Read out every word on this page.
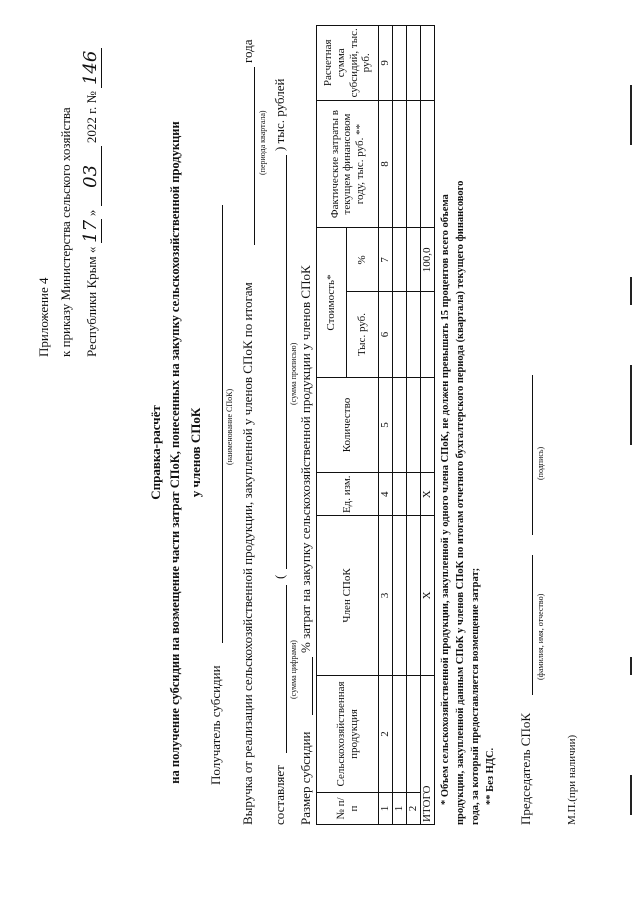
Приложение 4 к приказу Министерства сельского хозяйства Республики Крым « 17 » 03 2022 г. № 146
Справка-расчёт на получение субсидии на возмещение части затрат СПоК, понесенных на закупку сельскохозяйственной продукции у членов СПоК
Получатель субсидии
(наименование СПоК) Выручка от реализации сельскохозяйственной продукции, закупленной у членов СПоК по итогам
года
(периода квартала)
составляет
(
) тыс. рублей
(сумма цифрами)
(сумма прописью)
Размер субсидии
% затрат на закупку сельскохозяйственной продукции у членов СПоК
№ п/п	Сельскохозяйственная продукция	Член СПоК	Ед. изм.	Количество	Стоимость*		Фактические затраты в текущем финансовом году, тыс. руб. **	Расчетная сумма субсидий, тыс. руб.
					Тыс. руб.	%		
1	2	3	4	5	6	7	8	9
1								
2								
ИТОГО		X	X			100,0		* Объем сельскохозяйственной продукции, закупленной у одного члена СПоК, не должен превышать 15 процентов всего объема продукции, закупленной данным СПоК у членов СПоК по итогам отчетного бухгалтерского периода (квартала) текущего финансового года, за который предоставляется возмещение затрат; ** Без НДС. Председатель СПоК
(фамилия, имя, отчество)
(подпись)
М.П.(при наличии)
